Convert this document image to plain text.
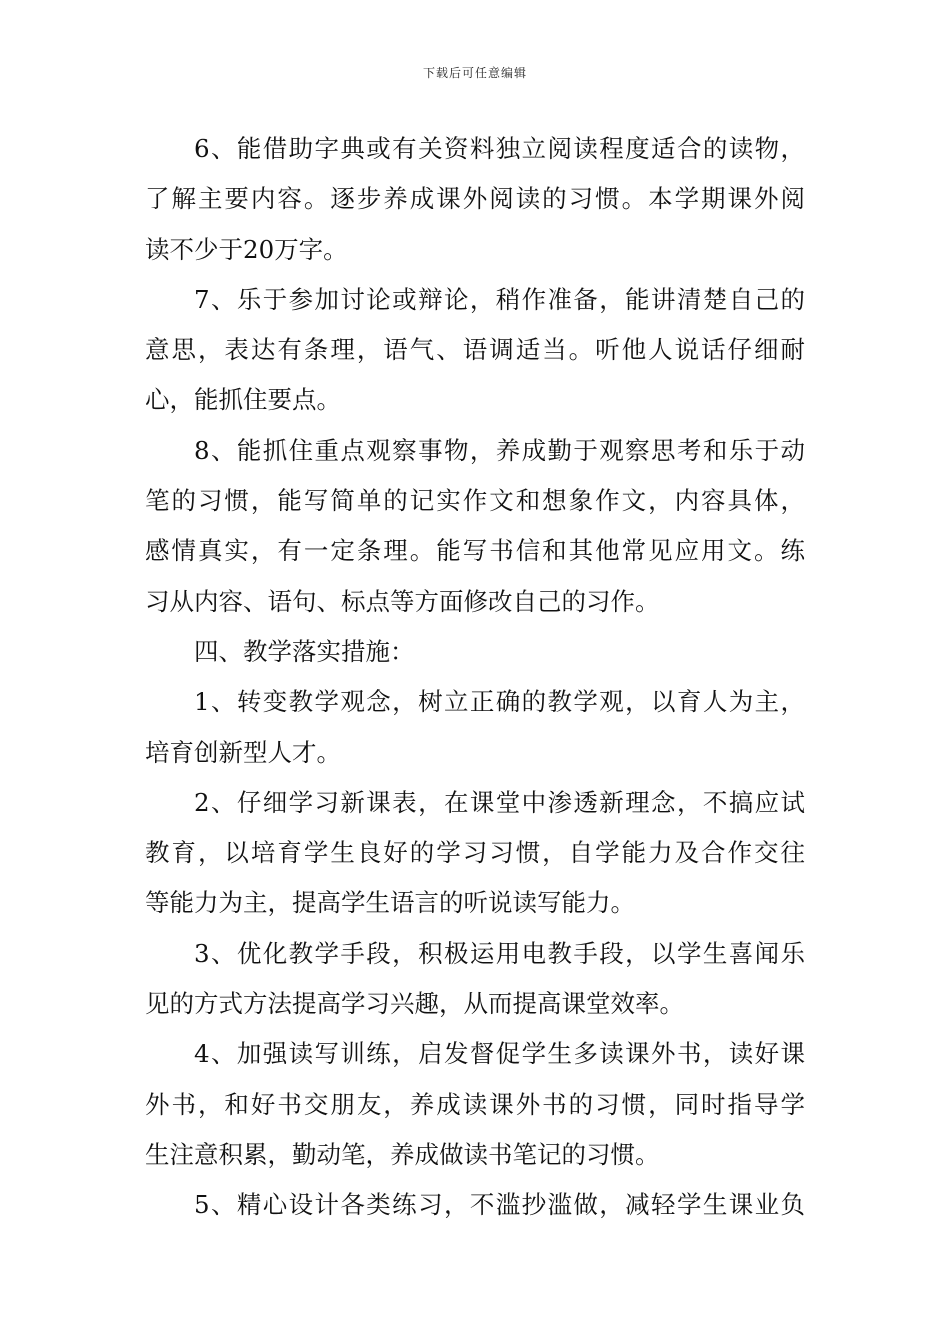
下载后可任意编辑
6、能借助字典或有关资料独立阅读程度适合的读物，
了解主要内容。逐步养成课外阅读的习惯。本学期课外阅
读不少于20万字。
7、乐于参加讨论或辩论，稍作准备，能讲清楚自己的
意思，表达有条理，语气、语调适当。听他人说话仔细耐
心，能抓住要点。
8、能抓住重点观察事物，养成勤于观察思考和乐于动
笔的习惯，能写简单的记实作文和想象作文，内容具体，
感情真实，有一定条理。能写书信和其他常见应用文。练
习从内容、语句、标点等方面修改自己的习作。
四、教学落实措施：
1、转变教学观念，树立正确的教学观，以育人为主，
培育创新型人才。
2、仔细学习新课表，在课堂中渗透新理念，不搞应试
教育，以培育学生良好的学习习惯，自学能力及合作交往
等能力为主，提高学生语言的听说读写能力。
3、优化教学手段，积极运用电教手段，以学生喜闻乐
见的方式方法提高学习兴趣，从而提高课堂效率。
4、加强读写训练，启发督促学生多读课外书，读好课
外书，和好书交朋友，养成读课外书的习惯，同时指导学
生注意积累，勤动笔，养成做读书笔记的习惯。
5、精心设计各类练习，不滥抄滥做，减轻学生课业负
